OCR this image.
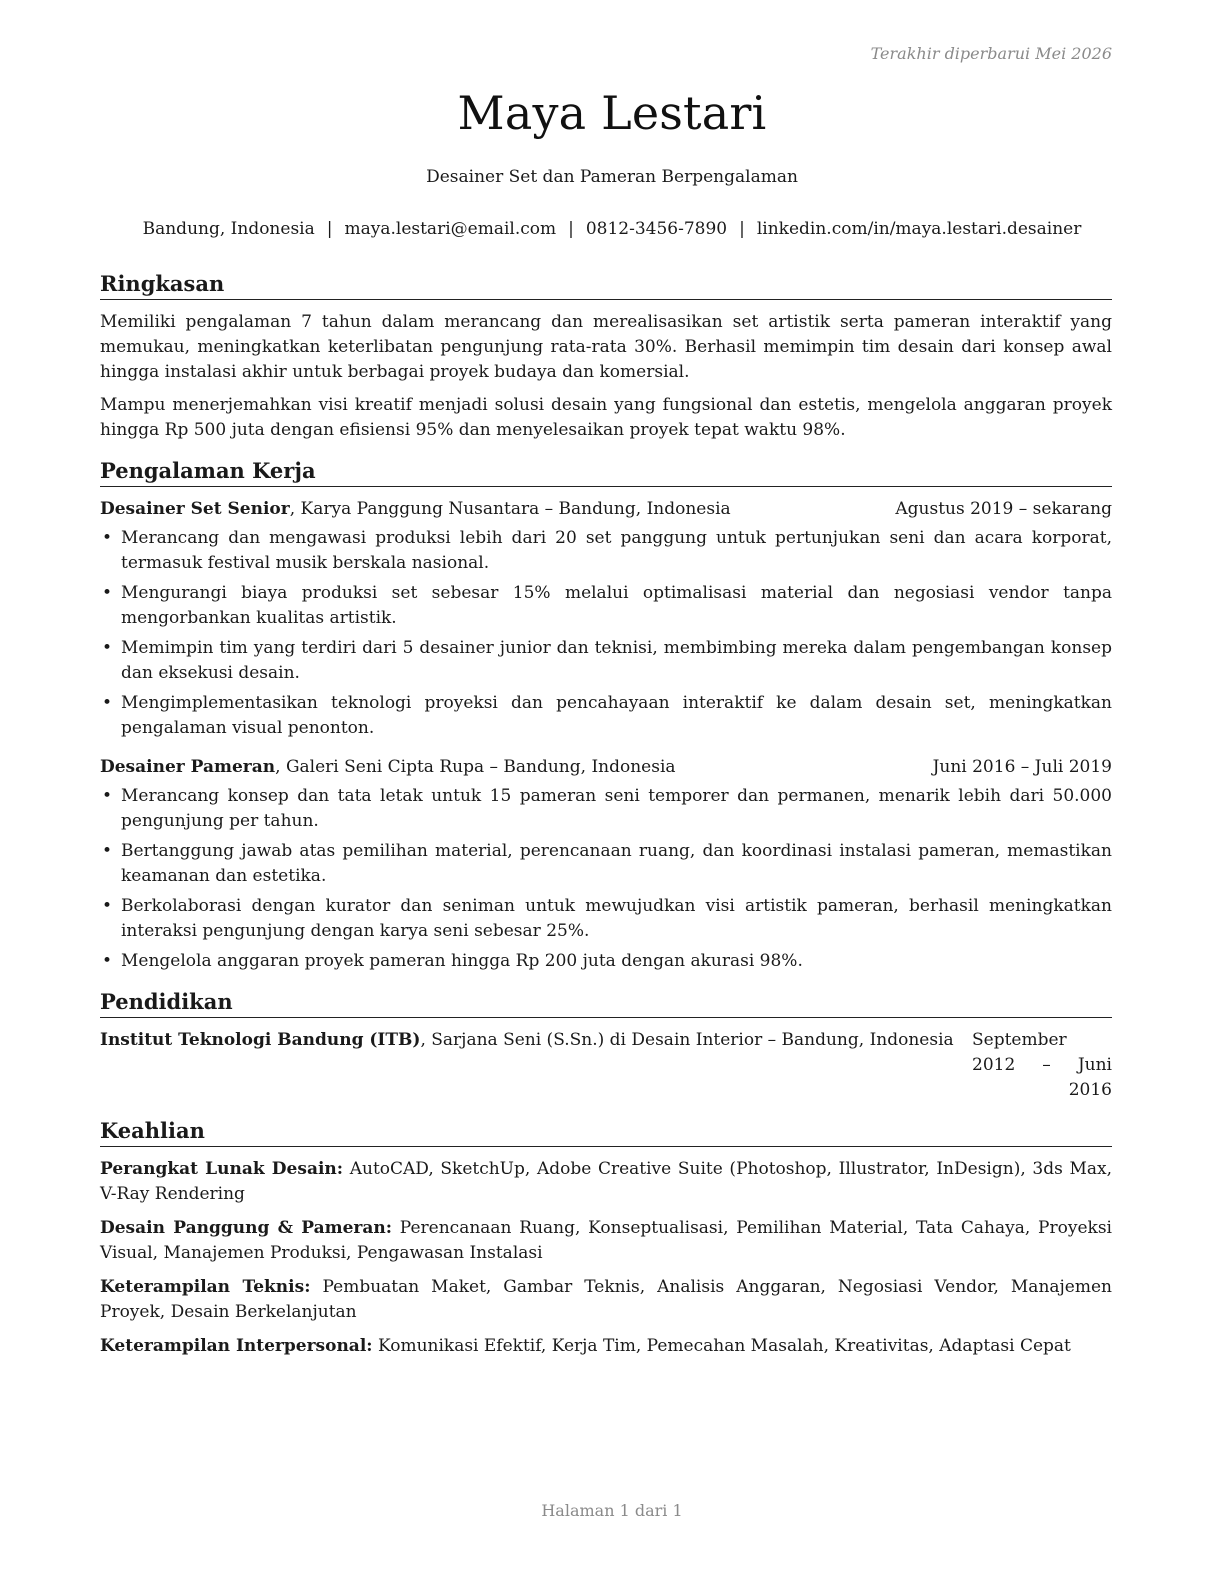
Terakhir diperbarui Mei 2026
Maya Lestari
Desainer Set dan Pameran Berpengalaman
Bandung, Indonesia | maya.lestari@email.com | 0812-3456-7890 | linkedin.com/in/maya.lestari.desainer
Ringkasan

Memiliki pengalaman 7 tahun dalam merancang dan merealisasikan set artistik serta pameran interaktif yang memukau, meningkatkan keterlibatan pengunjung rata-rata 30%. Berhasil memimpin tim desain dari konsep awal hingga instalasi akhir untuk berbagai proyek budaya dan komersial.

Mampu menerjemahkan visi kreatif menjadi solusi desain yang fungsional dan estetis, mengelola anggaran proyek hingga Rp 500 juta dengan efisiensi 95% dan menyelesaikan proyek tepat waktu 98%.

Pengalaman Kerja
Desainer Set Senior, Karya Panggung Nusantara – Bandung, Indonesia	Agustus 2019 – sekarang
• Merancang dan mengawasi produksi lebih dari 20 set panggung untuk pertunjukan seni dan acara korporat, termasuk festival musik berskala nasional.
• Mengurangi biaya produksi set sebesar 15% melalui optimalisasi material dan negosiasi vendor tanpa mengorbankan kualitas artistik.
• Memimpin tim yang terdiri dari 5 desainer junior dan teknisi, membimbing mereka dalam pengembangan konsep dan eksekusi desain.
• Mengimplementasikan teknologi proyeksi dan pencahayaan interaktif ke dalam desain set, meningkatkan pengalaman visual penonton.
Desainer Pameran, Galeri Seni Cipta Rupa – Bandung, Indonesia	Juni 2016 – Juli 2019
• Merancang konsep dan tata letak untuk 15 pameran seni temporer dan permanen, menarik lebih dari 50.000 pengunjung per tahun.
• Bertanggung jawab atas pemilihan material, perencanaan ruang, dan koordinasi instalasi pameran, memastikan keamanan dan estetika.
• Berkolaborasi dengan kurator dan seniman untuk mewujudkan visi artistik pameran, berhasil meningkatkan interaksi pengunjung dengan karya seni sebesar 25%.
• Mengelola anggaran proyek pameran hingga Rp 200 juta dengan akurasi 98%.
Pendidikan
Institut Teknologi Bandung (ITB), Sarjana Seni (S.Sn.) di Desain Interior – Bandung, Indonesia	September 2012 – Juni 2016
Keahlian

Perangkat Lunak Desain: AutoCAD, SketchUp, Adobe Creative Suite (Photoshop, Illustrator, InDesign), 3ds Max, V-Ray Rendering

Desain Panggung & Pameran: Perencanaan Ruang, Konseptualisasi, Pemilihan Material, Tata Cahaya, Proyeksi Visual, Manajemen Produksi, Pengawasan Instalasi

Keterampilan Teknis: Pembuatan Maket, Gambar Teknis, Analisis Anggaran, Negosiasi Vendor, Manajemen Proyek, Desain Berkelanjutan

Keterampilan Interpersonal: Komunikasi Efektif, Kerja Tim, Pemecahan Masalah, Kreativitas, Adaptasi Cepat

Halaman 1 dari 1
